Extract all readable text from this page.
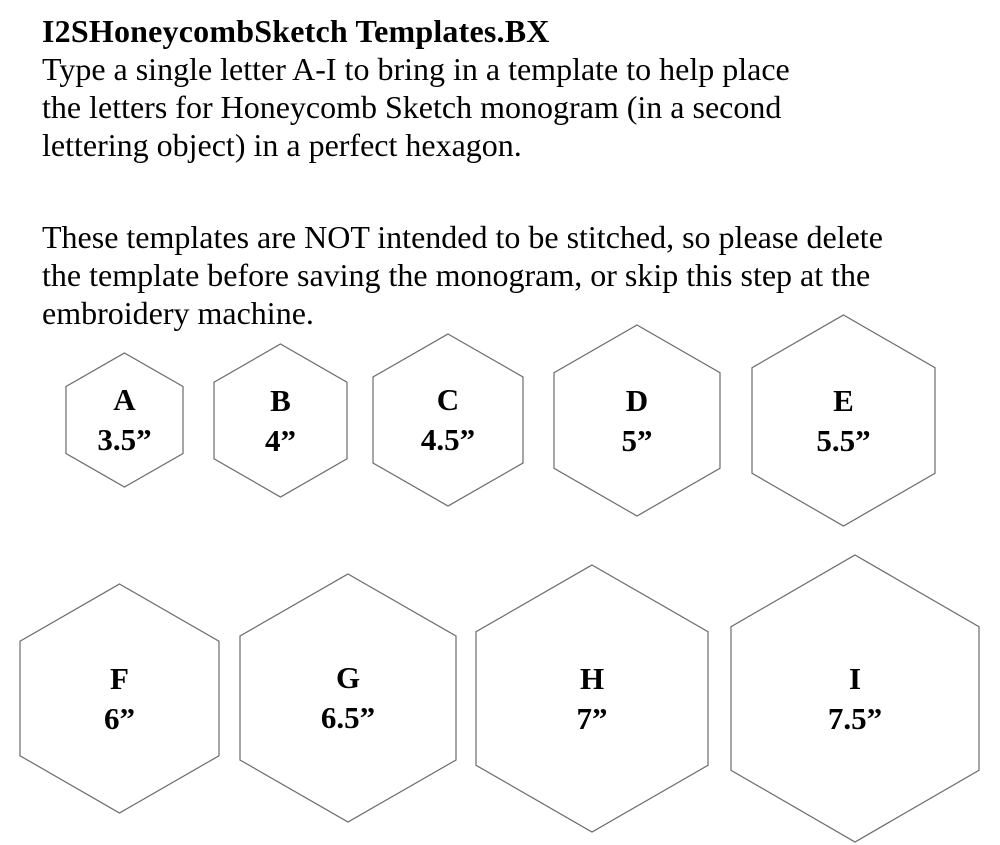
I2SHoneycombSketch Templates.BX

Type a single letter A-I to bring in a template to help place
the letters for Honeycomb Sketch monogram (in a second
lettering object) in a perfect hexagon.

These templates are NOT intended to be stitched, so please delete
the template before saving the monogram, or skip this step at the
embroidery machine.

A
3.5”
B
4”
C
4.5”
D
5”
E
5.5”
F
6”
G
6.5”
H
7”
I
7.5”
